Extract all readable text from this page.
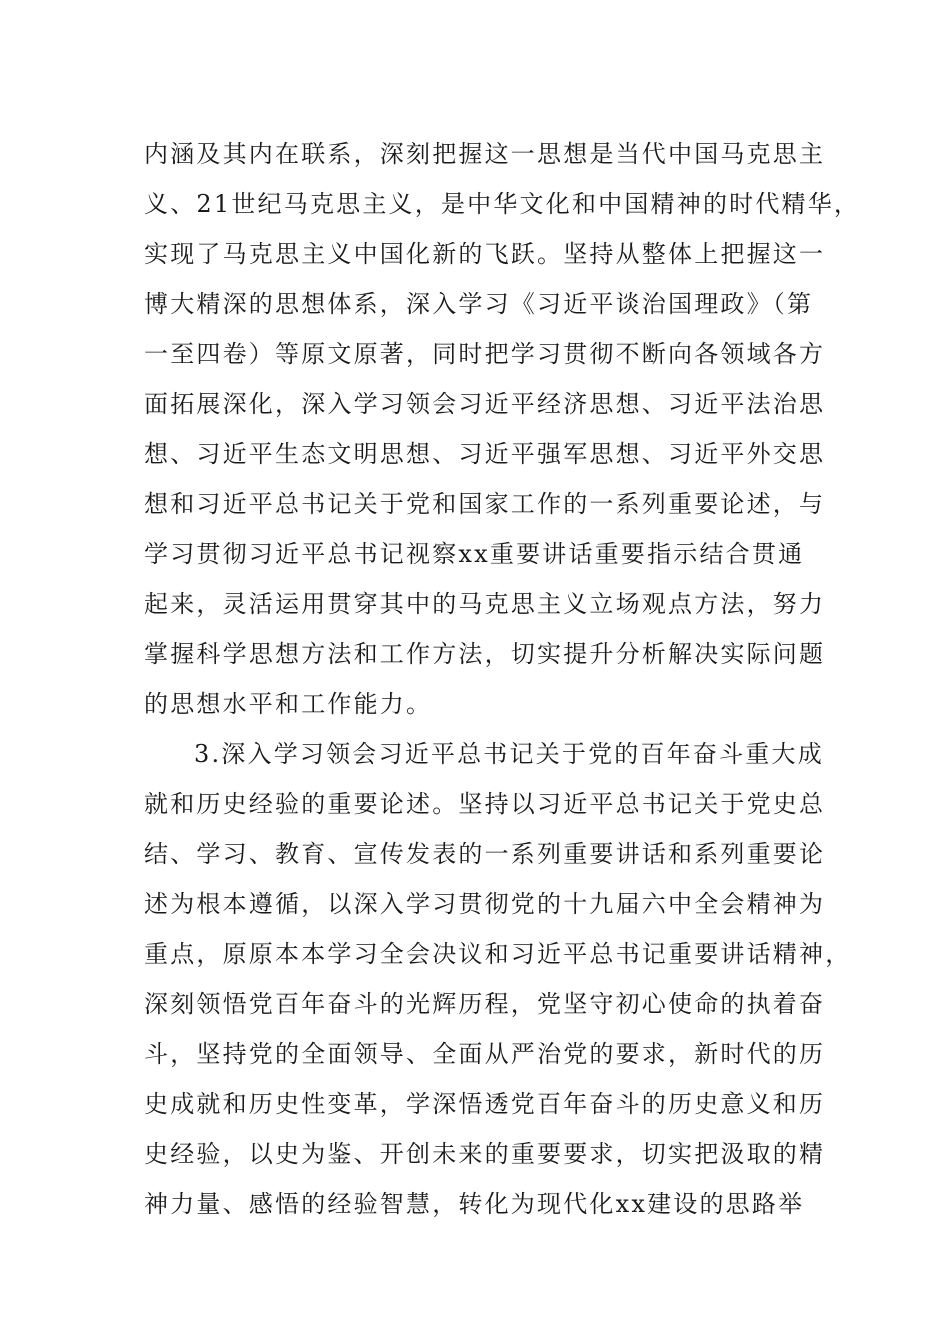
内涵及其内在联系，深刻把握这一思想是当代中国马克思主
义、21世纪马克思主义，是中华文化和中国精神的时代精华，
实现了马克思主义中国化新的飞跃。坚持从整体上把握这一
博大精深的思想体系，深入学习《习近平谈治国理政》（第
一至四卷）等原文原著，同时把学习贯彻不断向各领域各方
面拓展深化，深入学习领会习近平经济思想、习近平法治思
想、习近平生态文明思想、习近平强军思想、习近平外交思
想和习近平总书记关于党和国家工作的一系列重要论述，与
学习贯彻习近平总书记视察xx重要讲话重要指示结合贯通
起来，灵活运用贯穿其中的马克思主义立场观点方法，努力
掌握科学思想方法和工作方法，切实提升分析解决实际问题
的思想水平和工作能力。
3.深入学习领会习近平总书记关于党的百年奋斗重大成
就和历史经验的重要论述。坚持以习近平总书记关于党史总
结、学习、教育、宣传发表的一系列重要讲话和系列重要论
述为根本遵循，以深入学习贯彻党的十九届六中全会精神为
重点，原原本本学习全会决议和习近平总书记重要讲话精神，
深刻领悟党百年奋斗的光辉历程，党坚守初心使命的执着奋
斗，坚持党的全面领导、全面从严治党的要求，新时代的历
史成就和历史性变革，学深悟透党百年奋斗的历史意义和历
史经验，以史为鉴、开创未来的重要要求，切实把汲取的精
神力量、感悟的经验智慧，转化为现代化xx建设的思路举
